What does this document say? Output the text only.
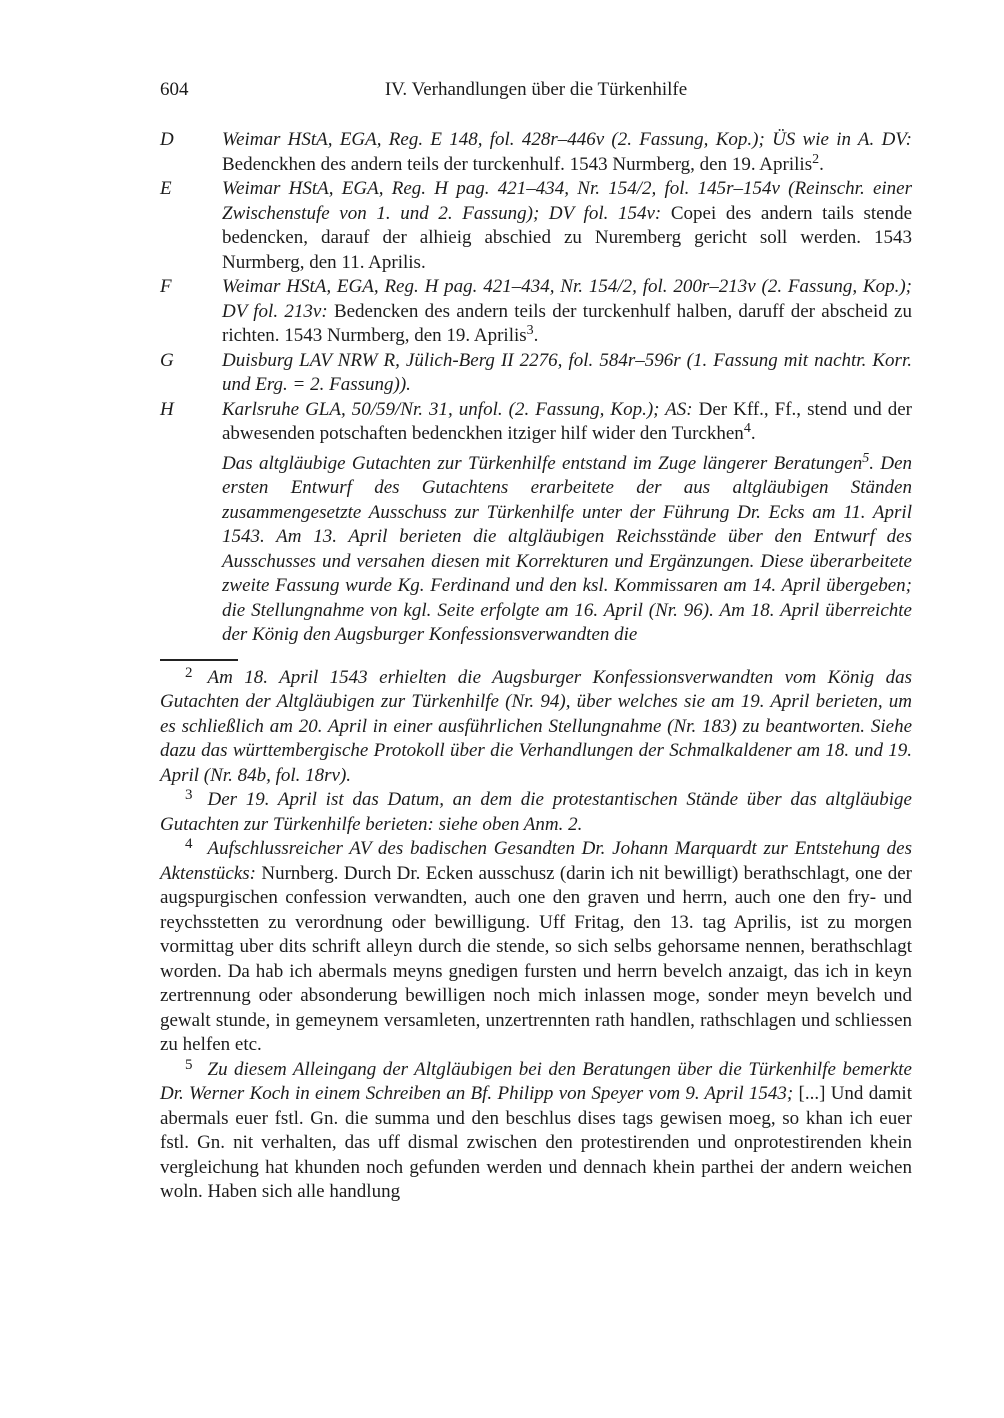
604	IV. Verhandlungen über die Türkenhilfe
D	Weimar HStA, EGA, Reg. E 148, fol. 428r–446v (2. Fassung, Kop.); ÜS wie in A. DV: Bedenckhen des andern teils der turckenhulf. 1543 Nurmberg, den 19. Aprilis$^2$.
E	Weimar HStA, EGA, Reg. H pag. 421–434, Nr. 154/2, fol. 145r–154v (Reinschr. einer Zwischenstufe von 1. und 2. Fassung); DV fol. 154v: Copei des andern tails stende bedencken, darauf der alhieig abschied zu Nuremberg gericht soll werden. 1543 Nurmberg, den 11. Aprilis.
F	Weimar HStA, EGA, Reg. H pag. 421–434, Nr. 154/2, fol. 200r–213v (2. Fassung, Kop.); DV fol. 213v: Bedencken des andern teils der turckenhulf halben, daruff der abscheid zu richten. 1543 Nurmberg, den 19. Aprilis$^3$.
G	Duisburg LAV NRW R, Jülich-Berg II 2276, fol. 584r–596r (1. Fassung mit nachtr. Korr. und Erg. = 2. Fassung)).
H	Karlsruhe GLA, 50/59/Nr. 31, unfol. (2. Fassung, Kop.); AS: Der Kff., Ff., stend und der abwesenden potschaften bedenckhen itziger hilf wider den Turckhen$^4$.

Das altgläubige Gutachten zur Türkenhilfe entstand im Zuge längerer Beratungen$^5$. Den ersten Entwurf des Gutachtens erarbeitete der aus altgläubigen Ständen zusammengesetzte Ausschuss zur Türkenhilfe unter der Führung Dr. Ecks am 11. April 1543. Am 13. April berieten die altgläubigen Reichsstände über den Entwurf des Ausschusses und versahen diesen mit Korrekturen und Ergänzungen. Diese überarbeitete zweite Fassung wurde Kg. Ferdinand und den ksl. Kommissaren am 14. April übergeben; die Stellungnahme von kgl. Seite erfolgte am 16. April (Nr. 96). Am 18. April überreichte der König den Augsburger Konfessionsverwandten die

$^2$ Am 18. April 1543 erhielten die Augsburger Konfessionsverwandten vom König das Gutachten der Altgläubigen zur Türkenhilfe (Nr. 94), über welches sie am 19. April berieten, um es schließlich am 20. April in einer ausführlichen Stellungnahme (Nr. 183) zu beantworten. Siehe dazu das württembergische Protokoll über die Verhandlungen der Schmalkaldener am 18. und 19. April (Nr. 84b, fol. 18rv).

$^3$ Der 19. April ist das Datum, an dem die protestantischen Stände über das altgläubige Gutachten zur Türkenhilfe berieten: siehe oben Anm. 2.

$^4$ Aufschlussreicher AV des badischen Gesandten Dr. Johann Marquardt zur Entstehung des Aktenstücks: Nurnberg. Durch Dr. Ecken ausschusz (darin ich nit bewilligt) berathschlagt, one der augspurgischen confession verwandten, auch one den graven und herrn, auch one den fry- und reychsstetten zu verordnung oder bewilligung. Uff Fritag, den 13. tag Aprilis, ist zu morgen vormittag uber dits schrift alleyn durch die stende, so sich selbs gehorsame nennen, berathschlagt worden. Da hab ich abermals meyns gnedigen fursten und herrn bevelch anzaigt, das ich in keyn zertrennung oder absonderung bewilligen noch mich inlassen moge, sonder meyn bevelch und gewalt stunde, in gemeynem versamleten, unzertrennten rath handlen, rathschlagen und schliessen zu helfen etc.

$^5$ Zu diesem Alleingang der Altgläubigen bei den Beratungen über die Türkenhilfe bemerkte Dr. Werner Koch in einem Schreiben an Bf. Philipp von Speyer vom 9. April 1543; [...] Und damit abermals euer fstl. Gn. die summa und den beschlus dises tags gewisen moeg, so khan ich euer fstl. Gn. nit verhalten, das uff dismal zwischen den protestirenden und onprotestirenden khein vergleichung hat khunden noch gefunden werden und dennach khein parthei der andern weichen woln. Haben sich alle handlung
